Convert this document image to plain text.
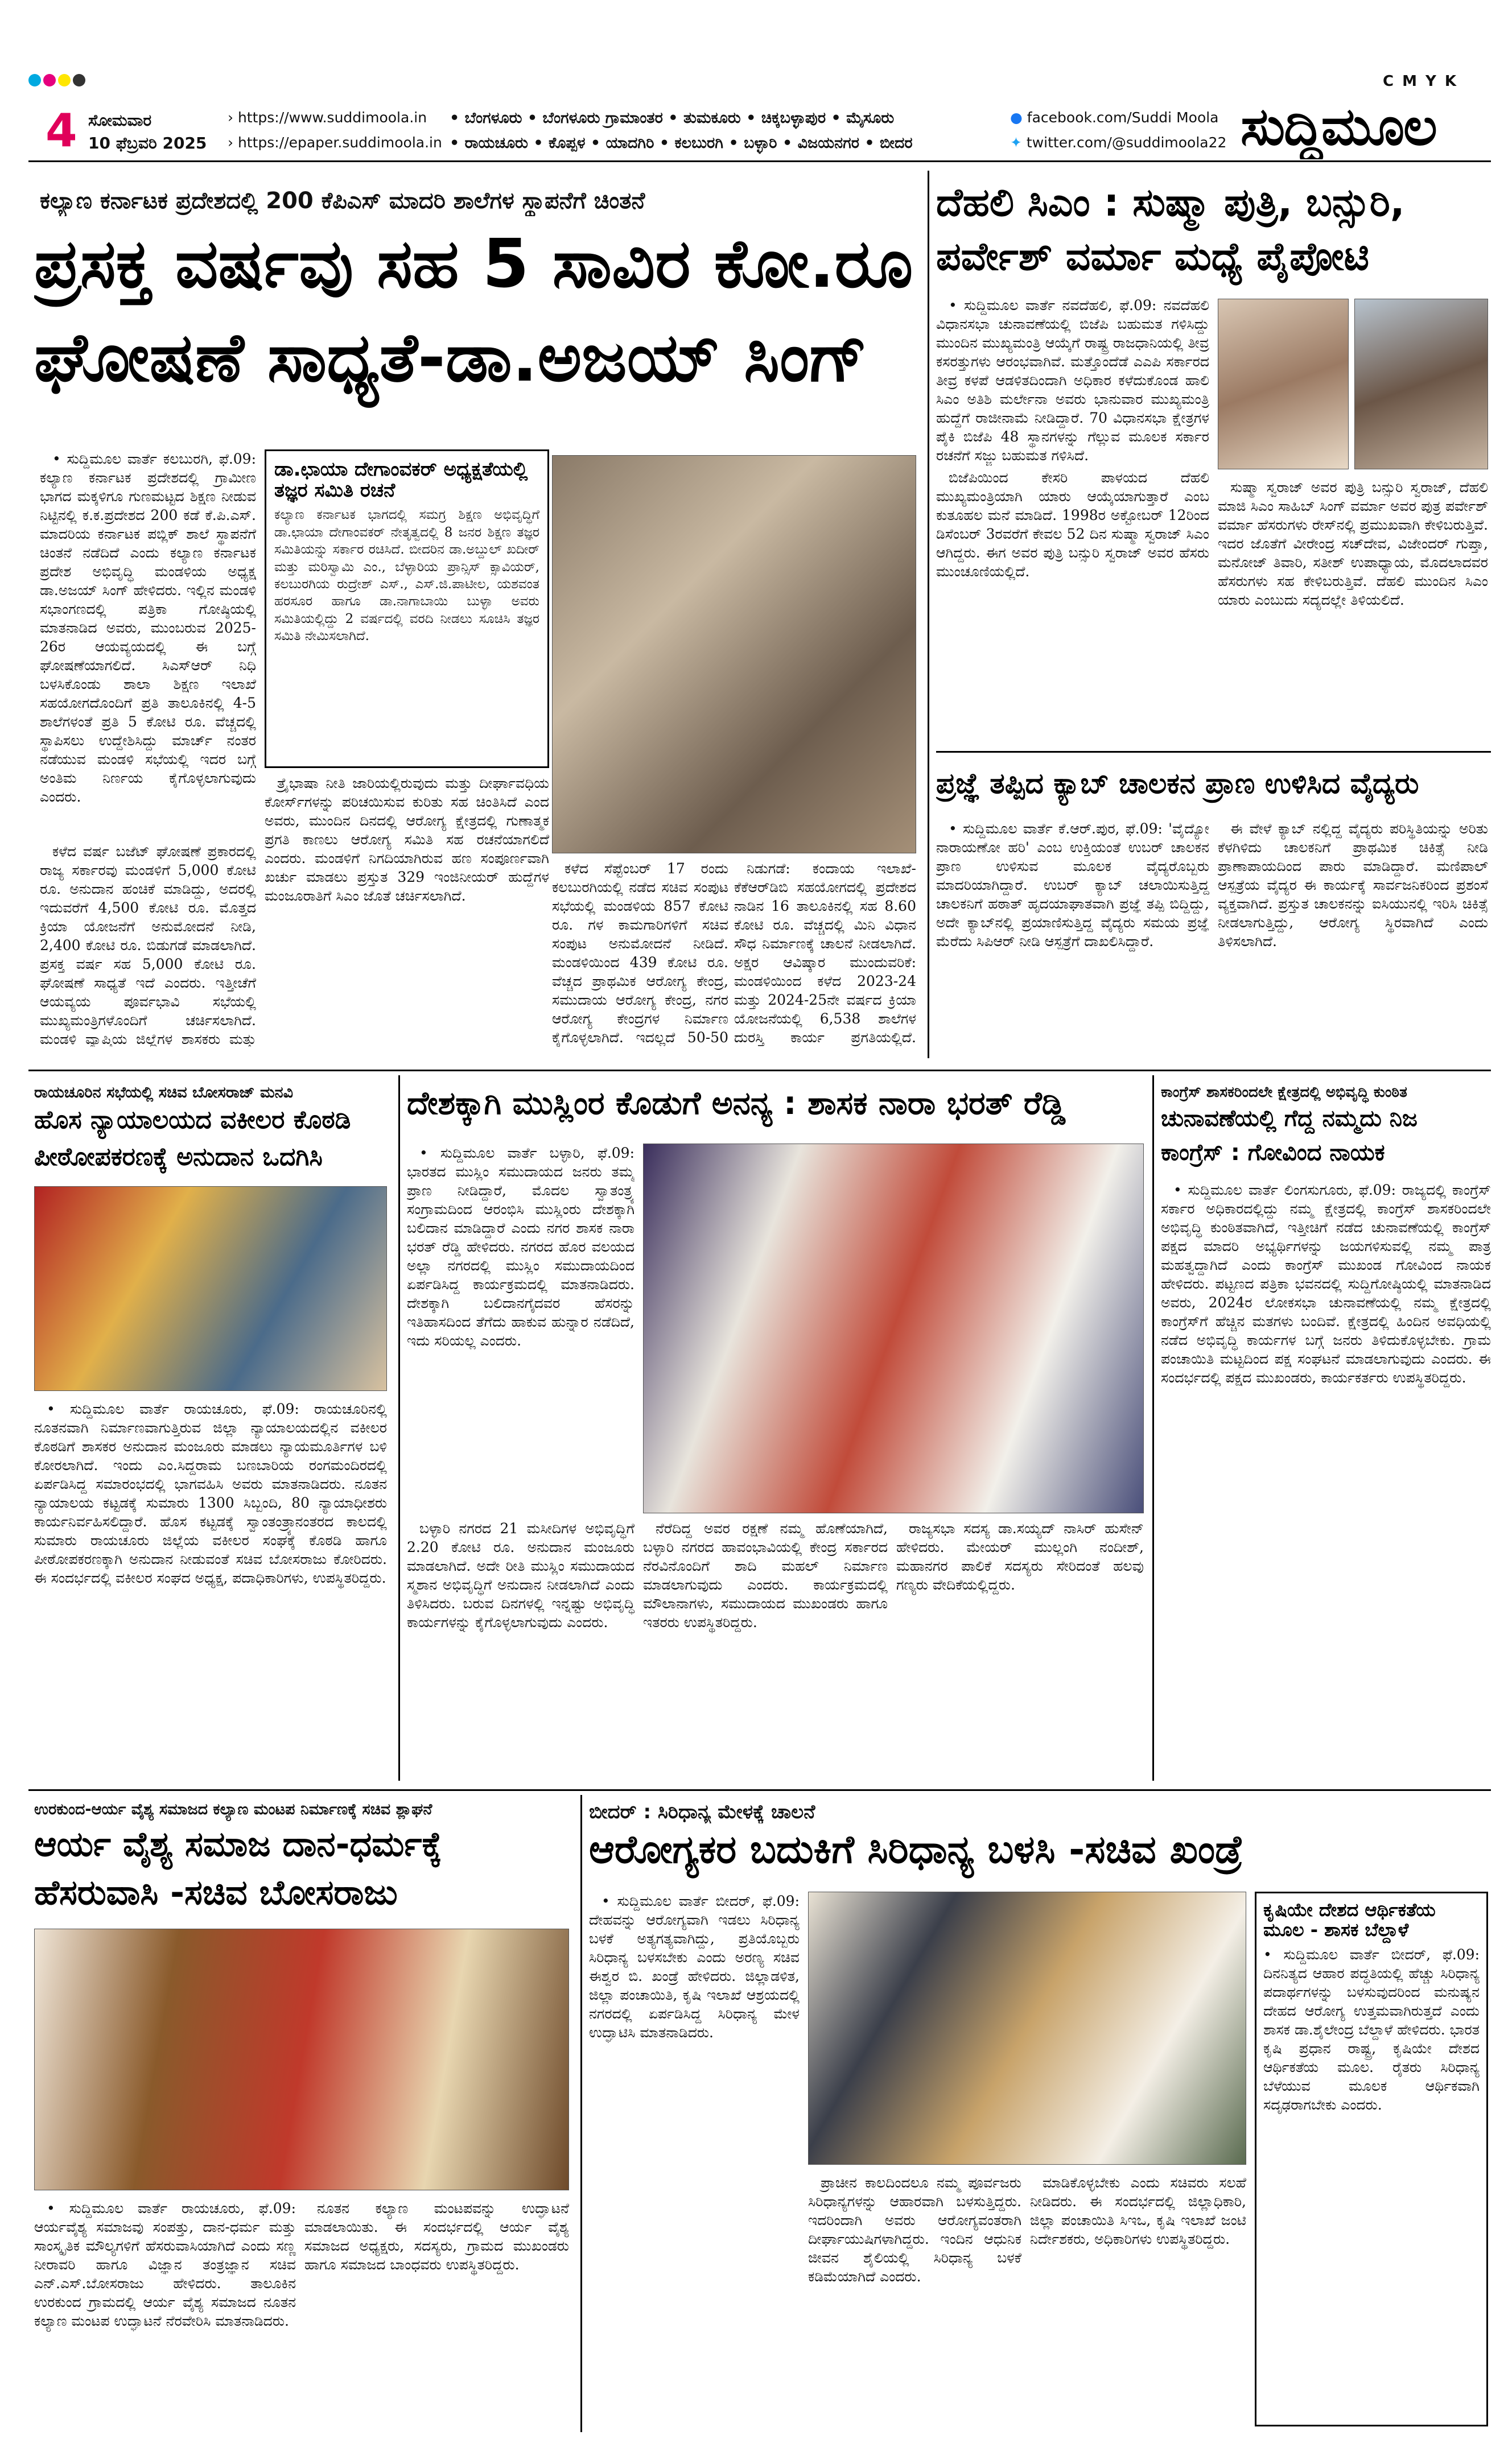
C M Y K
4 ಸೋಮವಾರ
10 ಫೆಬ್ರವರಿ 2025
› https://www.suddimoola.in
› https://epaper.suddimoola.in
• ಬೆಂಗಳೂರು • ಬೆಂಗಳೂರು ಗ್ರಾಮಾಂತರ • ತುಮಕೂರು • ಚಿಕ್ಕಬಳ್ಳಾಪುರ • ಮೈಸೂರು
• ರಾಯಚೂರು • ಕೊಪ್ಪಳ • ಯಾದಗಿರಿ • ಕಲಬುರಗಿ • ಬಳ್ಳಾರಿ • ವಿಜಯನಗರ • ಬೀದರ
● facebook.com/Suddi Moola
✦ twitter.com/@suddimoola22 ಸುದ್ದಿಮೂಲ
ಕಲ್ಯಾಣ ಕರ್ನಾಟಕ ಪ್ರದೇಶದಲ್ಲಿ 200 ಕೆಪಿಎಸ್ ಮಾದರಿ ಶಾಲೆಗಳ ಸ್ಥಾಪನೆಗೆ ಚಿಂತನೆ
ಪ್ರಸಕ್ತ ವರ್ಷವು ಸಹ 5 ಸಾವಿರ ಕೋ.ರೂ
ಘೋಷಣೆ ಸಾಧ್ಯತೆ-ಡಾ.ಅಜಯ್ ಸಿಂಗ್

• ಸುದ್ದಿಮೂಲ ವಾರ್ತೆ ಕಲಬುರಗಿ, ಫೆ.09: ಕಲ್ಯಾಣ ಕರ್ನಾಟಕ ಪ್ರದೇಶದಲ್ಲಿ ಗ್ರಾಮೀಣ ಭಾಗದ ಮಕ್ಕಳಿಗೂ ಗುಣಮಟ್ಟದ ಶಿಕ್ಷಣ ನೀಡುವ ನಿಟ್ಟಿನಲ್ಲಿ ಕ.ಕ.ಪ್ರದೇಶದ 200 ಕಡೆ ಕೆ.ಪಿ.ಎಸ್. ಮಾದರಿಯ ಕರ್ನಾಟಕ ಪಬ್ಲಿಕ್ ಶಾಲೆ ಸ್ಥಾಪನೆಗೆ ಚಿಂತನೆ ನಡೆದಿದೆ ಎಂದು ಕಲ್ಯಾಣ ಕರ್ನಾಟಕ ಪ್ರದೇಶ ಅಭಿವೃದ್ಧಿ ಮಂಡಳಿಯ ಅಧ್ಯಕ್ಷ ಡಾ.ಅಜಯ್ ಸಿಂಗ್ ಹೇಳಿದರು. ಇಲ್ಲಿನ ಮಂಡಳಿ ಸಭಾಂಗಣದಲ್ಲಿ ಪತ್ರಿಕಾ ಗೋಷ್ಠಿಯಲ್ಲಿ ಮಾತನಾಡಿದ ಅವರು, ಮುಂಬರುವ 2025-26ರ ಆಯವ್ಯಯದಲ್ಲಿ ಈ ಬಗ್ಗೆ ಘೋಷಣೆಯಾಗಲಿದೆ. ಸಿಎಸ್‌ಆರ್ ನಿಧಿ ಬಳಸಿಕೊಂಡು ಶಾಲಾ ಶಿಕ್ಷಣ ಇಲಾಖೆ ಸಹಯೋಗದೊಂದಿಗೆ ಪ್ರತಿ ತಾಲೂಕಿನಲ್ಲಿ 4-5 ಶಾಲೆಗಳಂತೆ ಪ್ರತಿ 5 ಕೋಟಿ ರೂ. ವೆಚ್ಚದಲ್ಲಿ ಸ್ಥಾಪಿಸಲು ಉದ್ದೇಶಿಸಿದ್ದು ಮಾರ್ಚ್ ನಂತರ ನಡೆಯುವ ಮಂಡಳಿ ಸಭೆಯಲ್ಲಿ ಇದರ ಬಗ್ಗೆ ಅಂತಿಮ ನಿರ್ಣಯ ಕೈಗೊಳ್ಳಲಾಗುವುದು ಎಂದರು.

ಕಳೆದ ವರ್ಷ ಬಜೆಟ್ ಘೋಷಣೆ ಪ್ರಕಾರದಲ್ಲಿ ರಾಜ್ಯ ಸರ್ಕಾರವು ಮಂಡಳಿಗೆ 5,000 ಕೋಟಿ ರೂ. ಅನುದಾನ ಹಂಚಿಕೆ ಮಾಡಿದ್ದು, ಅದರಲ್ಲಿ ಇದುವರೆಗೆ 4,500 ಕೋಟಿ ರೂ. ಮೊತ್ತದ ಕ್ರಿಯಾ ಯೋಜನೆಗೆ ಅನುಮೋದನೆ ನೀಡಿ, 2,400 ಕೋಟಿ ರೂ. ಬಿಡುಗಡೆ ಮಾಡಲಾಗಿದೆ. ಪ್ರಸಕ್ತ ವರ್ಷ ಸಹ 5,000 ಕೋಟಿ ರೂ. ಘೋಷಣೆ ಸಾಧ್ಯತೆ ಇದೆ ಎಂದರು. ಇತ್ತೀಚೆಗೆ ಆಯವ್ಯಯ ಪೂರ್ವಭಾವಿ ಸಭೆಯಲ್ಲಿ ಮುಖ್ಯಮಂತ್ರಿಗಳೊಂದಿಗೆ ಚರ್ಚಿಸಲಾಗಿದೆ. ಮಂಡಳಿ ವ್ಯಾಪ್ತಿಯ ಜಿಲ್ಲೆಗಳ ಶಾಸಕರು ಮತ್ತು

ಡಾ.ಛಾಯಾ ದೇಗಾಂವಕರ್ ಅಧ್ಯಕ್ಷತೆಯಲ್ಲಿ ತಜ್ಞರ ಸಮಿತಿ ರಚನೆ
ಕಲ್ಯಾಣ ಕರ್ನಾಟಕ ಭಾಗದಲ್ಲಿ ಸಮಗ್ರ ಶಿಕ್ಷಣ ಅಭಿವೃದ್ಧಿಗೆ ಡಾ.ಛಾಯಾ ದೇಗಾಂವಕರ್ ನೇತೃತ್ವದಲ್ಲಿ 8 ಜನರ ಶಿಕ್ಷಣ ತಜ್ಞರ ಸಮಿತಿಯನ್ನು ಸರ್ಕಾರ ರಚಿಸಿದೆ. ಬೀದರಿನ ಡಾ.ಅಬ್ದುಲ್ ಖದೀರ್ ಮತ್ತು ಮರಿಸ್ವಾಮಿ ಎಂ., ಬೆಳ್ಳಾರಿಯ ಪ್ರಾನ್ಸಿಸ್ ಕ್ಸಾವಿಯರ್, ಕಲಬುರಗಿಯ ರುದ್ರೇಶ್ ಎಸ್., ಎಸ್.ಜಿ.ಪಾಟೀಲ, ಯಶವಂತ ಹರಸೂರ ಹಾಗೂ ಡಾ.ನಾಗಾಬಾಯಿ ಬುಳ್ಳಾ ಅವರು ಸಮಿತಿಯಲ್ಲಿದ್ದು 2 ವರ್ಷದಲ್ಲಿ ವರದಿ ನೀಡಲು ಸೂಚಿಸಿ ತಜ್ಞರ ಸಮಿತಿ ನೇಮಿಸಲಾಗಿದೆ.

ತ್ರೈಭಾಷಾ ನೀತಿ ಜಾರಿಯಲ್ಲಿರುವುದು ಮತ್ತು ದೀರ್ಘಾವಧಿಯ ಕೋರ್ಸ್‌ಗಳನ್ನು ಪರಿಚಯಿಸುವ ಕುರಿತು ಸಹ ಚಿಂತಿಸಿದೆ ಎಂದ ಅವರು, ಮುಂದಿನ ದಿನದಲ್ಲಿ ಆರೋಗ್ಯ ಕ್ಷೇತ್ರದಲ್ಲಿ ಗುಣಾತ್ಮಕ ಪ್ರಗತಿ ಕಾಣಲು ಆರೋಗ್ಯ ಸಮಿತಿ ಸಹ ರಚನೆಯಾಗಲಿದೆ ಎಂದರು. ಮಂಡಳಿಗೆ ನಿಗದಿಯಾಗಿರುವ ಹಣ ಸಂಪೂರ್ಣವಾಗಿ ಖರ್ಚು ಮಾಡಲು ಪ್ರಸ್ತುತ 329 ಇಂಜಿನೀಯರ್ ಹುದ್ದೆಗಳ ಮಂಜೂರಾತಿಗೆ ಸಿಎಂ ಜೊತೆ ಚರ್ಚಿಸಲಾಗಿದೆ.

ಕಳೆದ ಸೆಪ್ಟೆಂಬರ್ 17 ರಂದು ಕಲಬುರಗಿಯಲ್ಲಿ ನಡೆದ ಸಚಿವ ಸಂಪುಟ ಸಭೆಯಲ್ಲಿ ಮಂಡಳಿಯ 857 ಕೋಟಿ ರೂ. ಗಳ ಕಾಮಗಾರಿಗಳಿಗೆ ಸಚಿವ ಸಂಪುಟ ಅನುಮೋದನೆ ನೀಡಿದೆ. ಮಂಡಳಿಯಿಂದ 439 ಕೋಟಿ ರೂ. ವೆಚ್ಚದ ಪ್ರಾಥಮಿಕ ಆರೋಗ್ಯ ಕೇಂದ್ರ, ಸಮುದಾಯ ಆರೋಗ್ಯ ಕೇಂದ್ರ, ನಗರ ಆರೋಗ್ಯ ಕೇಂದ್ರಗಳ ನಿರ್ಮಾಣ ಕೈಗೊಳ್ಳಲಾಗಿದೆ. ಇದಲ್ಲದೆ 50-50

ನಿಡುಗಡೆ: ಕಂದಾಯ ಇಲಾಖೆ-ಕೆಕೆಆರ್‌ಡಿಬಿ ಸಹಯೋಗದಲ್ಲಿ ಪ್ರದೇಶದ ನಾಡಿನ 16 ತಾಲೂಕಿನಲ್ಲಿ ಸಹ 8.60 ಕೋಟಿ ರೂ. ವೆಚ್ಚದಲ್ಲಿ ಮಿನಿ ವಿಧಾನ ಸೌಧ ನಿರ್ಮಾಣಕ್ಕೆ ಚಾಲನೆ ನೀಡಲಾಗಿದೆ. ಅಕ್ಷರ ಆವಿಷ್ಕಾರ ಮುಂದುವರಿಕೆ: ಮಂಡಳಿಯಿಂದ ಕಳೆದ 2023-24 ಮತ್ತು 2024-25ನೇ ವರ್ಷದ ಕ್ರಿಯಾ ಯೋಜನೆಯಲ್ಲಿ 6,538 ಶಾಲೆಗಳ ದುರಸ್ತಿ ಕಾರ್ಯ ಪ್ರಗತಿಯಲ್ಲಿದೆ.

ದೆಹಲಿ ಸಿಎಂ : ಸುಷ್ಮಾ ಪುತ್ರಿ, ಬನ್ಸುರಿ,
ಪರ್ವೇಶ್ ವರ್ಮಾ ಮಧ್ಯೆ ಪೈಪೋಟಿ

• ಸುದ್ದಿಮೂಲ ವಾರ್ತೆ ನವದೆಹಲಿ, ಫೆ.09: ನವದೆಹಲಿ ವಿಧಾನಸಭಾ ಚುನಾವಣೆಯಲ್ಲಿ ಬಿಜೆಪಿ ಬಹುಮತ ಗಳಿಸಿದ್ದು ಮುಂದಿನ ಮುಖ್ಯಮಂತ್ರಿ ಆಯ್ಕೆಗೆ ರಾಷ್ಟ್ರ ರಾಜಧಾನಿಯಲ್ಲಿ ತೀವ್ರ ಕಸರತ್ತುಗಳು ಆರಂಭವಾಗಿವೆ. ಮತ್ತೊಂದೆಡೆ ಎಎಪಿ ಸರ್ಕಾರದ ತೀವ್ರ ಕಳಪೆ ಆಡಳಿತದಿಂದಾಗಿ ಅಧಿಕಾರ ಕಳೆದುಕೊಂಡ ಹಾಲಿ ಸಿಎಂ ಅತಿಶಿ ಮರ್ಲೇನಾ ಅವರು ಭಾನುವಾರ ಮುಖ್ಯಮಂತ್ರಿ ಹುದ್ದೆಗೆ ರಾಜೀನಾಮೆ ನೀಡಿದ್ದಾರೆ. 70 ವಿಧಾನಸಭಾ ಕ್ಷೇತ್ರಗಳ ಪೈಕಿ ಬಿಜೆಪಿ 48 ಸ್ಥಾನಗಳನ್ನು ಗೆಲ್ಲುವ ಮೂಲಕ ಸರ್ಕಾರ ರಚನೆಗೆ ಸಜ್ಜು ಬಹುಮತ ಗಳಿಸಿದೆ.

ಬಿಜೆಪಿಯಿಂದ ಕೇಸರಿ ಪಾಳಯದ ದೆಹಲಿ ಮುಖ್ಯಮಂತ್ರಿಯಾಗಿ ಯಾರು ಆಯ್ಕೆಯಾಗುತ್ತಾರೆ ಎಂಬ ಕುತೂಹಲ ಮನೆ ಮಾಡಿದೆ. 1998ರ ಅಕ್ಟೋಬರ್ 12ರಿಂದ ಡಿಸೆಂಬರ್ 3ರವರೆಗೆ ಕೇವಲ 52 ದಿನ ಸುಷ್ಮಾ ಸ್ವರಾಜ್ ಸಿಎಂ ಆಗಿದ್ದರು. ಈಗ ಅವರ ಪುತ್ರಿ ಬನ್ಸುರಿ ಸ್ವರಾಜ್ ಅವರ ಹೆಸರು ಮುಂಚೂಣಿಯಲ್ಲಿದೆ.

ಸುಷ್ಮಾ ಸ್ವರಾಜ್ ಅವರ ಪುತ್ರಿ ಬನ್ಸುರಿ ಸ್ವರಾಜ್, ದೆಹಲಿ ಮಾಜಿ ಸಿಎಂ ಸಾಹಿಬ್ ಸಿಂಗ್ ವರ್ಮಾ ಅವರ ಪುತ್ರ ಪರ್ವೇಶ್ ವರ್ಮಾ ಹೆಸರುಗಳು ರೇಸ್‌ನಲ್ಲಿ ಪ್ರಮುಖವಾಗಿ ಕೇಳಿಬರುತ್ತಿವೆ. ಇದರ ಜೊತೆಗೆ ವೀರೇಂದ್ರ ಸಚ್‌ದೇವ, ವಿಜೇಂದರ್ ಗುಪ್ತಾ, ಮನೋಜ್ ತಿವಾರಿ, ಸತೀಶ್ ಉಪಾಧ್ಯಾಯ, ಮೊದಲಾದವರ ಹೆಸರುಗಳು ಸಹ ಕೇಳಿಬರುತ್ತಿವೆ. ದೆಹಲಿ ಮುಂದಿನ ಸಿಎಂ ಯಾರು ಎಂಬುದು ಸದ್ಯದಲ್ಲೇ ತಿಳಿಯಲಿದೆ.

ಪ್ರಜ್ಞೆ ತಪ್ಪಿದ ಕ್ಯಾಬ್ ಚಾಲಕನ ಪ್ರಾಣ ಉಳಿಸಿದ ವೈದ್ಯರು

• ಸುದ್ದಿಮೂಲ ವಾರ್ತೆ ಕೆ.ಆರ್.ಪುರ, ಫೆ.09: 'ವೈದ್ಯೋ ನಾರಾಯಣೋ ಹರಿ' ಎಂಬ ಉಕ್ತಿಯಂತೆ ಉಬರ್ ಚಾಲಕನ ಪ್ರಾಣ ಉಳಿಸುವ ಮೂಲಕ ವೈದ್ಯರೊಬ್ಬರು ಮಾದರಿಯಾಗಿದ್ದಾರೆ. ಉಬರ್ ಕ್ಯಾಬ್ ಚಲಾಯಿಸುತ್ತಿದ್ದ ಚಾಲಕನಿಗೆ ಹಠಾತ್ ಹೃದಯಾಘಾತವಾಗಿ ಪ್ರಜ್ಞೆ ತಪ್ಪಿ ಬಿದ್ದಿದ್ದು, ಅದೇ ಕ್ಯಾಬ್‌ನಲ್ಲಿ ಪ್ರಯಾಣಿಸುತ್ತಿದ್ದ ವೈದ್ಯರು ಸಮಯ ಪ್ರಜ್ಞೆ ಮೆರೆದು ಸಿಪಿಆರ್ ನೀಡಿ ಆಸ್ಪತ್ರೆಗೆ ದಾಖಲಿಸಿದ್ದಾರೆ.

ಈ ವೇಳೆ ಕ್ಯಾಬ್ ನಲ್ಲಿದ್ದ ವೈದ್ಯರು ಪರಿಸ್ಥಿತಿಯನ್ನು ಅರಿತು ಕೆಳಗಿಳಿದು ಚಾಲಕನಿಗೆ ಪ್ರಾಥಮಿಕ ಚಿಕಿತ್ಸೆ ನೀಡಿ ಪ್ರಾಣಾಪಾಯದಿಂದ ಪಾರು ಮಾಡಿದ್ದಾರೆ. ಮಣಿಪಾಲ್ ಆಸ್ಪತ್ರೆಯ ವೈದ್ಯರ ಈ ಕಾರ್ಯಕ್ಕೆ ಸಾರ್ವಜನಿಕರಿಂದ ಪ್ರಶಂಸೆ ವ್ಯಕ್ತವಾಗಿದೆ. ಪ್ರಸ್ತುತ ಚಾಲಕನನ್ನು ಐಸಿಯುನಲ್ಲಿ ಇರಿಸಿ ಚಿಕಿತ್ಸೆ ನೀಡಲಾಗುತ್ತಿದ್ದು, ಆರೋಗ್ಯ ಸ್ಥಿರವಾಗಿದೆ ಎಂದು ತಿಳಿಸಲಾಗಿದೆ.

ರಾಯಚೂರಿನ ಸಭೆಯಲ್ಲಿ ಸಚಿವ ಬೋಸರಾಜ್ ಮನವಿ
ಹೊಸ ನ್ಯಾಯಾಲಯದ ವಕೀಲರ ಕೊಠಡಿ
ಪೀಠೋಪಕರಣಕ್ಕೆ ಅನುದಾನ ಒದಗಿಸಿ

• ಸುದ್ದಿಮೂಲ ವಾರ್ತೆ ರಾಯಚೂರು, ಫೆ.09: ರಾಯಚೂರಿನಲ್ಲಿ ನೂತನವಾಗಿ ನಿರ್ಮಾಣವಾಗುತ್ತಿರುವ ಜಿಲ್ಲಾ ನ್ಯಾಯಾಲಯದಲ್ಲಿನ ವಕೀಲರ ಕೊಠಡಿಗೆ ಶಾಸಕರ ಅನುದಾನ ಮಂಜೂರು ಮಾಡಲು ನ್ಯಾಯಮೂರ್ತಿಗಳ ಬಳಿ ಕೋರಲಾಗಿದೆ. ಇಂದು ಎಂ.ಸಿದ್ದರಾಮ ಬಣಬಾರಿಯ ರಂಗಮಂದಿರದಲ್ಲಿ ಏರ್ಪಡಿಸಿದ್ದ ಸಮಾರಂಭದಲ್ಲಿ ಭಾಗವಹಿಸಿ ಅವರು ಮಾತನಾಡಿದರು. ನೂತನ ನ್ಯಾಯಾಲಯ ಕಟ್ಟಡಕ್ಕೆ ಸುಮಾರು 1300 ಸಿಬ್ಬಂದಿ, 80 ನ್ಯಾಯಾಧೀಶರು ಕಾರ್ಯನಿರ್ವಹಿಸಲಿದ್ದಾರೆ. ಹೊಸ ಕಟ್ಟಡಕ್ಕೆ ಸ್ವಾಂತಂತ್ರ್ಯಾನಂತರದ ಕಾಲದಲ್ಲಿ ಸುಮಾರು ರಾಯಚೂರು ಜಿಲ್ಲೆಯ ವಕೀಲರ ಸಂಘಕ್ಕೆ ಕೊಠಡಿ ಹಾಗೂ ಪೀಠೋಪಕರಣಕ್ಕಾಗಿ ಅನುದಾನ ನೀಡುವಂತೆ ಸಚಿವ ಬೋಸರಾಜು ಕೋರಿದರು. ಈ ಸಂದರ್ಭದಲ್ಲಿ ವಕೀಲರ ಸಂಘದ ಅಧ್ಯಕ್ಷ, ಪದಾಧಿಕಾರಿಗಳು, ಉಪಸ್ಥಿತರಿದ್ದರು.

ದೇಶಕ್ಕಾಗಿ ಮುಸ್ಲಿಂರ ಕೊಡುಗೆ ಅನನ್ಯ : ಶಾಸಕ ನಾರಾ ಭರತ್ ರೆಡ್ಡಿ

• ಸುದ್ದಿಮೂಲ ವಾರ್ತೆ ಬಳ್ಳಾರಿ, ಫೆ.09: ಭಾರತದ ಮುಸ್ಲಿಂ ಸಮುದಾಯದ ಜನರು ತಮ್ಮ ಪ್ರಾಣ ನೀಡಿದ್ದಾರೆ, ಮೊದಲ ಸ್ವಾತಂತ್ರ್ಯ ಸಂಗ್ರಾಮದಿಂದ ಆರಂಭಿಸಿ ಮುಸ್ಲಿಂರು ದೇಶಕ್ಕಾಗಿ ಬಲಿದಾನ ಮಾಡಿದ್ದಾರೆ ಎಂದು ನಗರ ಶಾಸಕ ನಾರಾ ಭರತ್ ರೆಡ್ಡಿ ಹೇಳಿದರು. ನಗರದ ಹೊರ ವಲಯದ ಅಲ್ಲಾ ನಗರದಲ್ಲಿ ಮುಸ್ಲಿಂ ಸಮುದಾಯದಿಂದ ಏರ್ಪಡಿಸಿದ್ದ ಕಾರ್ಯಕ್ರಮದಲ್ಲಿ ಮಾತನಾಡಿದರು. ದೇಶಕ್ಕಾಗಿ ಬಲಿದಾನಗೈದವರ ಹೆಸರನ್ನು ಇತಿಹಾಸದಿಂದ ತೆಗೆದು ಹಾಕುವ ಹುನ್ನಾರ ನಡೆದಿದೆ, ಇದು ಸರಿಯಲ್ಲ ಎಂದರು.

ಬಳ್ಳಾರಿ ನಗರದ 21 ಮಸೀದಿಗಳ ಅಭಿವೃದ್ಧಿಗೆ 2.20 ಕೋಟಿ ರೂ. ಅನುದಾನ ಮಂಜೂರು ಮಾಡಲಾಗಿದೆ. ಅದೇ ರೀತಿ ಮುಸ್ಲಿಂ ಸಮುದಾಯದ ಸ್ಮಶಾನ ಅಭಿವೃದ್ಧಿಗೆ ಅನುದಾನ ನೀಡಲಾಗಿದೆ ಎಂದು ತಿಳಿಸಿದರು. ಬರುವ ದಿನಗಳಲ್ಲಿ ಇನ್ನಷ್ಟು ಅಭಿವೃದ್ಧಿ ಕಾರ್ಯಗಳನ್ನು ಕೈಗೊಳ್ಳಲಾಗುವುದು ಎಂದರು.

ನೆರೆದಿದ್ದ ಅವರ ರಕ್ಷಣೆ ನಮ್ಮ ಹೊಣೆಯಾಗಿದೆ, ಬಳ್ಳಾರಿ ನಗರದ ಹಾವಂಭಾವಿಯಲ್ಲಿ ಕೇಂದ್ರ ಸರ್ಕಾರದ ನೆರವಿನೊಂದಿಗೆ ಶಾದಿ ಮಹಲ್ ನಿರ್ಮಾಣ ಮಾಡಲಾಗುವುದು ಎಂದರು. ಕಾರ್ಯಕ್ರಮದಲ್ಲಿ ಮೌಲಾನಾಗಳು, ಸಮುದಾಯದ ಮುಖಂಡರು ಹಾಗೂ ಇತರರು ಉಪಸ್ಥಿತರಿದ್ದರು.

ರಾಜ್ಯಸಭಾ ಸದಸ್ಯ ಡಾ.ಸಯ್ಯದ್ ನಾಸಿರ್ ಹುಸೇನ್ ಹೇಳಿದರು. ಮೇಯರ್ ಮುಲ್ಲಂಗಿ ನಂದೀಶ್, ಮಹಾನಗರ ಪಾಲಿಕೆ ಸದಸ್ಯರು ಸೇರಿದಂತೆ ಹಲವು ಗಣ್ಯರು ವೇದಿಕೆಯಲ್ಲಿದ್ದರು.

ಕಾಂಗ್ರೆಸ್ ಶಾಸಕರಿಂದಲೇ ಕ್ಷೇತ್ರದಲ್ಲಿ ಅಭಿವೃದ್ಧಿ ಕುಂಠಿತ
ಚುನಾವಣೆಯಲ್ಲಿ ಗೆದ್ದ ನಮ್ಮದು ನಿಜ
ಕಾಂಗ್ರೆಸ್ : ಗೋವಿಂದ ನಾಯಕ

• ಸುದ್ದಿಮೂಲ ವಾರ್ತೆ ಲಿಂಗಸುಗೂರು, ಫೆ.09: ರಾಜ್ಯದಲ್ಲಿ ಕಾಂಗ್ರೆಸ್ ಸರ್ಕಾರ ಅಧಿಕಾರದಲ್ಲಿದ್ದು ನಮ್ಮ ಕ್ಷೇತ್ರದಲ್ಲಿ ಕಾಂಗ್ರೆಸ್ ಶಾಸಕರಿಂದಲೇ ಅಭಿವೃದ್ಧಿ ಕುಂಠಿತವಾಗಿದೆ, ಇತ್ತೀಚಿಗೆ ನಡೆದ ಚುನಾವಣೆಯಲ್ಲಿ ಕಾಂಗ್ರೆಸ್ ಪಕ್ಷದ ಮಾದರಿ ಅಭ್ಯರ್ಥಿಗಳನ್ನು ಜಯಗಳಿಸುವಲ್ಲಿ ನಮ್ಮ ಪಾತ್ರ ಮಹತ್ವದ್ದಾಗಿದೆ ಎಂದು ಕಾಂಗ್ರೆಸ್ ಮುಖಂಡ ಗೋವಿಂದ ನಾಯಕ ಹೇಳಿದರು. ಪಟ್ಟಣದ ಪತ್ರಿಕಾ ಭವನದಲ್ಲಿ ಸುದ್ದಿಗೋಷ್ಠಿಯಲ್ಲಿ ಮಾತನಾಡಿದ ಅವರು, 2024ರ ಲೋಕಸಭಾ ಚುನಾವಣೆಯಲ್ಲಿ ನಮ್ಮ ಕ್ಷೇತ್ರದಲ್ಲಿ ಕಾಂಗ್ರೆಸ್‌ಗೆ ಹೆಚ್ಚಿನ ಮತಗಳು ಬಂದಿವೆ. ಕ್ಷೇತ್ರದಲ್ಲಿ ಹಿಂದಿನ ಅವಧಿಯಲ್ಲಿ ನಡೆದ ಅಭಿವೃದ್ಧಿ ಕಾರ್ಯಗಳ ಬಗ್ಗೆ ಜನರು ತಿಳಿದುಕೊಳ್ಳಬೇಕು. ಗ್ರಾಮ ಪಂಚಾಯಿತಿ ಮಟ್ಟದಿಂದ ಪಕ್ಷ ಸಂಘಟನೆ ಮಾಡಲಾಗುವುದು ಎಂದರು. ಈ ಸಂದರ್ಭದಲ್ಲಿ ಪಕ್ಷದ ಮುಖಂಡರು, ಕಾರ್ಯಕರ್ತರು ಉಪಸ್ಥಿತರಿದ್ದರು.

ಉರಕುಂದ-ಆರ್ಯ ವೈಶ್ಯ ಸಮಾಜದ ಕಲ್ಯಾಣ ಮಂಟಪ ನಿರ್ಮಾಣಕ್ಕೆ ಸಚಿವ ಶ್ಲಾಘನೆ
ಆರ್ಯ ವೈಶ್ಯ ಸಮಾಜ ದಾನ-ಧರ್ಮಕ್ಕೆ
ಹೆಸರುವಾಸಿ -ಸಚಿವ ಬೋಸರಾಜು

• ಸುದ್ದಿಮೂಲ ವಾರ್ತೆ ರಾಯಚೂರು, ಫೆ.09: ಆರ್ಯವೈಶ್ಯ ಸಮಾಜವು ಸಂಪತ್ತು, ದಾನ-ಧರ್ಮ ಮತ್ತು ಸಾಂಸ್ಕೃತಿಕ ಮೌಲ್ಯಗಳಿಗೆ ಹೆಸರುವಾಸಿಯಾಗಿದೆ ಎಂದು ಸಣ್ಣ ನೀರಾವರಿ ಹಾಗೂ ವಿಜ್ಞಾನ ತಂತ್ರಜ್ಞಾನ ಸಚಿವ ಎನ್.ಎಸ್.ಬೋಸರಾಜು ಹೇಳಿದರು. ತಾಲೂಕಿನ ಉರಕುಂದ ಗ್ರಾಮದಲ್ಲಿ ಆರ್ಯ ವೈಶ್ಯ ಸಮಾಜದ ನೂತನ ಕಲ್ಯಾಣ ಮಂಟಪ ಉದ್ಘಾಟನೆ ನೆರವೇರಿಸಿ ಮಾತನಾಡಿದರು.

ನೂತನ ಕಲ್ಯಾಣ ಮಂಟಪವನ್ನು ಉದ್ಘಾಟನೆ ಮಾಡಲಾಯಿತು. ಈ ಸಂದರ್ಭದಲ್ಲಿ ಆರ್ಯ ವೈಶ್ಯ ಸಮಾಜದ ಅಧ್ಯಕ್ಷರು, ಸದಸ್ಯರು, ಗ್ರಾಮದ ಮುಖಂಡರು ಹಾಗೂ ಸಮಾಜದ ಬಾಂಧವರು ಉಪಸ್ಥಿತರಿದ್ದರು.

ಬೀದರ್ : ಸಿರಿಧಾನ್ಯ ಮೇಳಕ್ಕೆ ಚಾಲನೆ
ಆರೋಗ್ಯಕರ ಬದುಕಿಗೆ ಸಿರಿಧಾನ್ಯ ಬಳಸಿ -ಸಚಿವ ಖಂಡ್ರೆ

• ಸುದ್ದಿಮೂಲ ವಾರ್ತೆ ಬೀದರ್, ಫೆ.09: ದೇಹವನ್ನು ಆರೋಗ್ಯವಾಗಿ ಇಡಲು ಸಿರಿಧಾನ್ಯ ಬಳಕೆ ಅತ್ಯಗತ್ಯವಾಗಿದ್ದು, ಪ್ರತಿಯೊಬ್ಬರು ಸಿರಿಧಾನ್ಯ ಬಳಸಬೇಕು ಎಂದು ಅರಣ್ಯ ಸಚಿವ ಈಶ್ವರ ಬಿ. ಖಂಡ್ರೆ ಹೇಳಿದರು. ಜಿಲ್ಲಾಡಳಿತ, ಜಿಲ್ಲಾ ಪಂಚಾಯಿತಿ, ಕೃಷಿ ಇಲಾಖೆ ಆಶ್ರಯದಲ್ಲಿ ನಗರದಲ್ಲಿ ಏರ್ಪಡಿಸಿದ್ದ ಸಿರಿಧಾನ್ಯ ಮೇಳ ಉದ್ಘಾಟಿಸಿ ಮಾತನಾಡಿದರು.

ಪ್ರಾಚೀನ ಕಾಲದಿಂದಲೂ ನಮ್ಮ ಪೂರ್ವಜರು ಸಿರಿಧಾನ್ಯಗಳನ್ನು ಆಹಾರವಾಗಿ ಬಳಸುತ್ತಿದ್ದರು. ಇದರಿಂದಾಗಿ ಅವರು ಆರೋಗ್ಯವಂತರಾಗಿ ದೀರ್ಘಾಯುಷಿಗಳಾಗಿದ್ದರು. ಇಂದಿನ ಆಧುನಿಕ ಜೀವನ ಶೈಲಿಯಲ್ಲಿ ಸಿರಿಧಾನ್ಯ ಬಳಕೆ ಕಡಿಮೆಯಾಗಿದೆ ಎಂದರು.

ಮಾಡಿಕೊಳ್ಳಬೇಕು ಎಂದು ಸಚಿವರು ಸಲಹೆ ನೀಡಿದರು. ಈ ಸಂದರ್ಭದಲ್ಲಿ ಜಿಲ್ಲಾಧಿಕಾರಿ, ಜಿಲ್ಲಾ ಪಂಚಾಯಿತಿ ಸಿಇಒ, ಕೃಷಿ ಇಲಾಖೆ ಜಂಟಿ ನಿರ್ದೇಶಕರು, ಅಧಿಕಾರಿಗಳು ಉಪಸ್ಥಿತರಿದ್ದರು.

ಕೃಷಿಯೇ ದೇಶದ ಆರ್ಥಿಕತೆಯ
ಮೂಲ - ಶಾಸಕ ಬೆಲ್ದಾಳೆ
• ಸುದ್ದಿಮೂಲ ವಾರ್ತೆ ಬೀದರ್, ಫೆ.09: ದಿನನಿತ್ಯದ ಆಹಾರ ಪದ್ಧತಿಯಲ್ಲಿ ಹೆಚ್ಚು ಸಿರಿಧಾನ್ಯ ಪದಾರ್ಥಗಳನ್ನು ಬಳಸುವುದರಿಂದ ಮನುಷ್ಯನ ದೇಹದ ಆರೋಗ್ಯ ಉತ್ತಮವಾಗಿರುತ್ತದೆ ಎಂದು ಶಾಸಕ ಡಾ.ಶೈಲೇಂದ್ರ ಬೆಲ್ದಾಳೆ ಹೇಳಿದರು. ಭಾರತ ಕೃಷಿ ಪ್ರಧಾನ ರಾಷ್ಟ್ರ, ಕೃಷಿಯೇ ದೇಶದ ಆರ್ಥಿಕತೆಯ ಮೂಲ. ರೈತರು ಸಿರಿಧಾನ್ಯ ಬೆಳೆಯುವ ಮೂಲಕ ಆರ್ಥಿಕವಾಗಿ ಸದೃಢರಾಗಬೇಕು ಎಂದರು.
